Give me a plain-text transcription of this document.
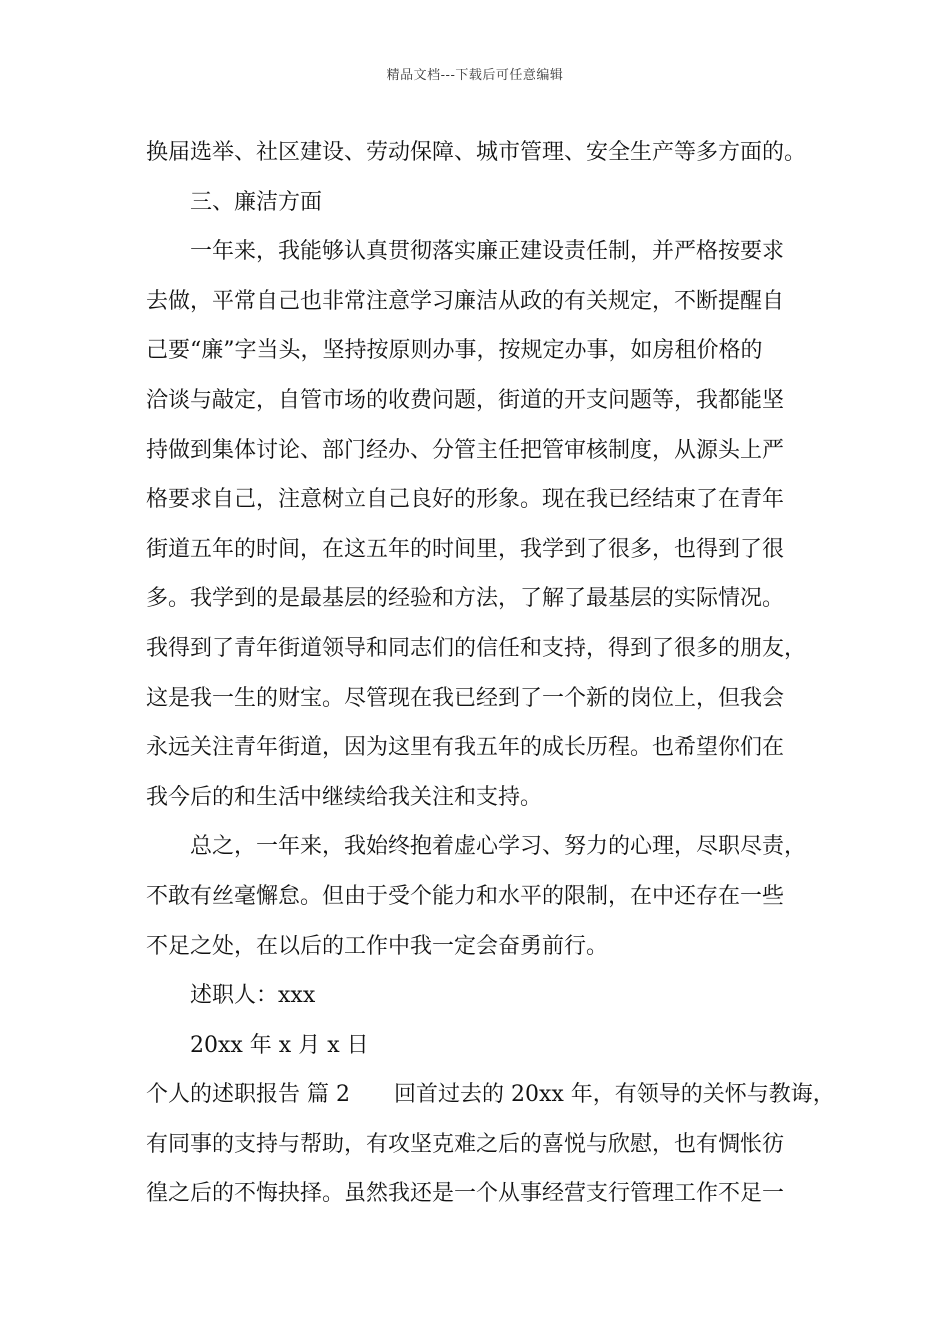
精品文档---下载后可任意编辑

换届选举、社区建设、劳动保障、城市管理、安全生产等多方面的。

三、廉洁方面

一年来，我能够认真贯彻落实廉正建设责任制，并严格按要求
去做，平常自己也非常注意学习廉洁从政的有关规定，不断提醒自
己要“廉”字当头，坚持按原则办事，按规定办事，如房租价格的
洽谈与敲定，自管市场的收费问题，街道的开支问题等，我都能坚
持做到集体讨论、部门经办、分管主任把管审核制度，从源头上严
格要求自己，注意树立自己良好的形象。现在我已经结束了在青年
街道五年的时间，在这五年的时间里，我学到了很多，也得到了很
多。我学到的是最基层的经验和方法，了解了最基层的实际情况。
我得到了青年街道领导和同志们的信任和支持，得到了很多的朋友，
这是我一生的财宝。尽管现在我已经到了一个新的岗位上，但我会
永远关注青年街道，因为这里有我五年的成长历程。也希望你们在
我今后的和生活中继续给我关注和支持。

总之，一年来，我始终抱着虚心学习、努力的心理，尽职尽责，
不敢有丝毫懈怠。但由于受个能力和水平的限制，在中还存在一些
不足之处，在以后的工作中我一定会奋勇前行。

述职人：xxx

20xx 年 x 月 x 日

个人的述职报告 篇 2 回首过去的 20xx 年，有领导的关怀与教诲，
有同事的支持与帮助，有攻坚克难之后的喜悦与欣慰，也有惆怅彷
徨之后的不悔抉择。虽然我还是一个从事经营支行管理工作不足一
